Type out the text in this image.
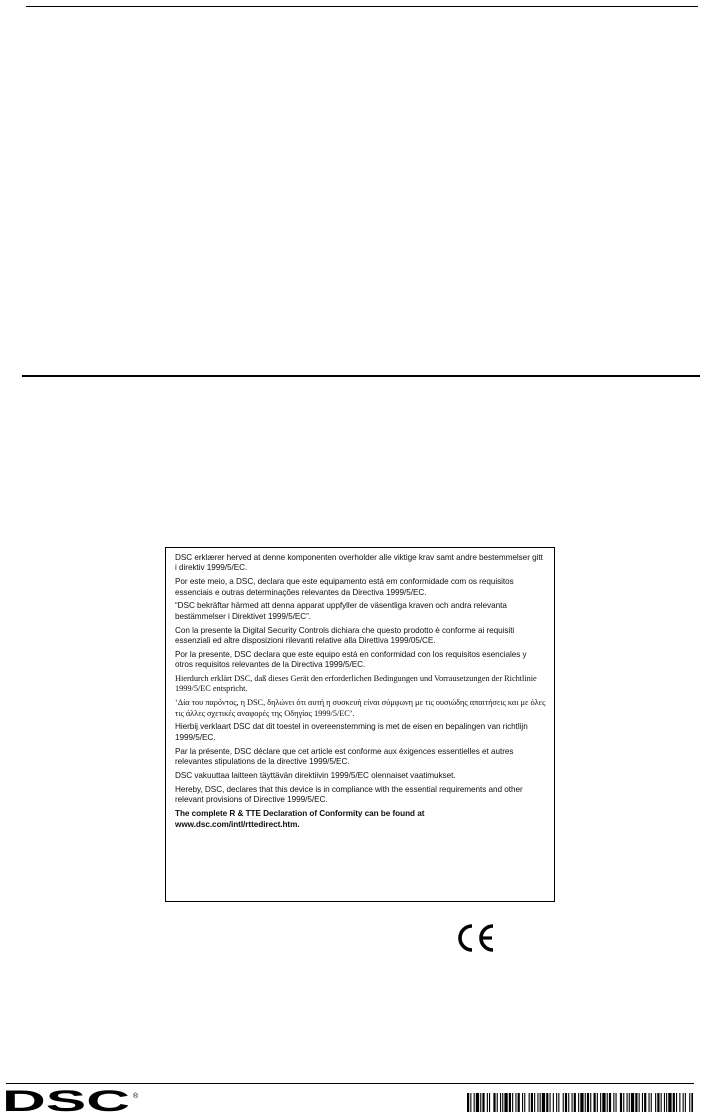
DSC erklærer herved at denne komponenten overholder alle viktige krav samt andre bestemmelser gitt i direktiv 1999/5/EC.

Por este meio, a DSC, declara que este equipamento está em conformidade com os requisitos essenciais e outras determinações relevantes da Directiva 1999/5/EC.

“DSC bekräftar härmed att denna apparat uppfyller de väsentliga kraven och andra relevanta bestämmelser i Direktivet 1999/5/EC”.

Con la presente la Digital Security Controls dichiara che questo prodotto è conforme ai requisiti essenziali ed altre disposizioni rilevanti relative alla Direttiva 1999/05/CE.

Por la presente, DSC declara que este equipo está en conformidad con los requisitos esenciales y otros requisitos relevantes de la Directiva 1999/5/EC.

Hierdurch erklärt DSC, daß dieses Gerät den erforderlichen Bedingungen und Vorrausetzungen der Richtlinie 1999/5/EC entspricht.

‘Δία του παρόντος, η DSC, δηλώνει ότι αυτή η συσκευή είναι σύμφωνη με τις ουσιώδης απαιτήσεις και με όλες τις άλλες σχετικές αναφορές της Οδηγίας 1999/5/EC’.

Hierbij verklaart DSC dat dit toestel in overeenstemming is met de eisen en bepalingen van richtlijn 1999/5/EC.

Par la présente, DSC déclare que cet article est conforme aux éxigences essentielles et autres relevantes stipulations de la directive 1999/5/EC.

DSC vakuuttaa laitteen täyttävän direktiivin 1999/5/EC olennaiset vaatimukset.

Hereby, DSC, declares that this device is in compliance with the essential requirements and other relevant provisions of Directive 1999/5/EC.

The complete R & TTE Declaration of Conformity can be found at www.dsc.com/intl/rttedirect.htm.

DSC ®
